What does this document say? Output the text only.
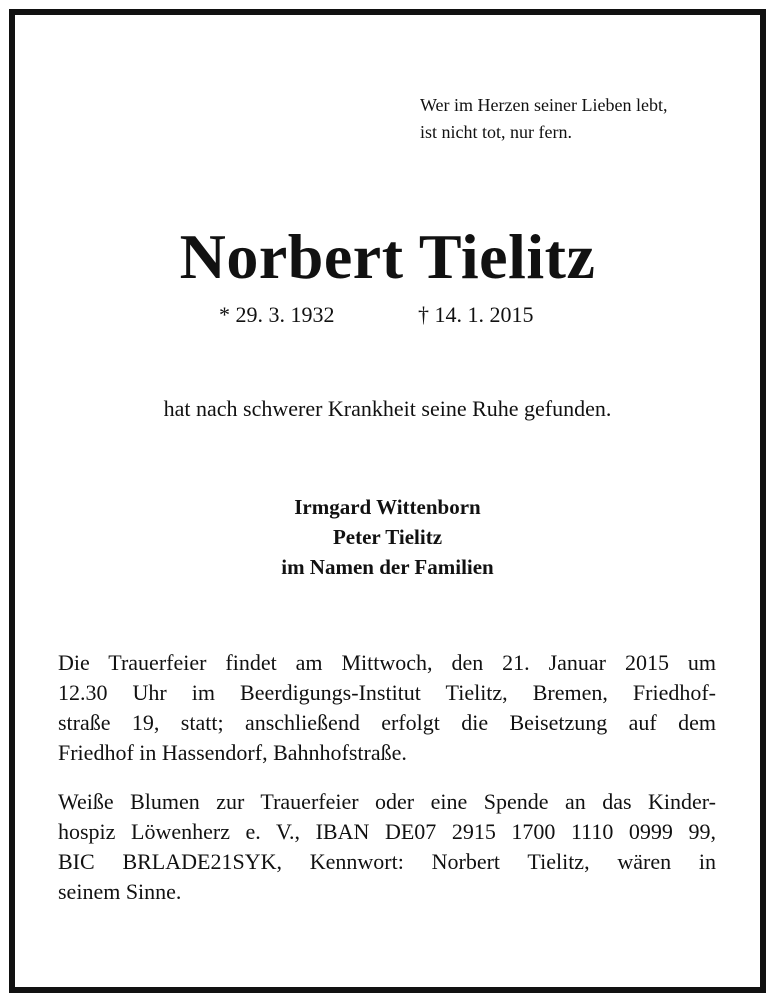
Wer im Herzen seiner Lieben lebt,
ist nicht tot, nur fern.
Norbert Tielitz
* 29. 3. 1932	† 14. 1. 2015
hat nach schwerer Krankheit seine Ruhe gefunden.
Irmgard Wittenborn
Peter Tielitz
im Namen der Familien
Die Trauerfeier findet am Mittwoch, den 21. Januar 2015 um
12.30 Uhr im Beerdigungs-Institut Tielitz, Bremen, Friedhof-
straße 19, statt; anschließend erfolgt die Beisetzung auf dem
Friedhof in Hassendorf, Bahnhofstraße.
Weiße Blumen zur Trauerfeier oder eine Spende an das Kinder-
hospiz Löwenherz e. V., IBAN DE07 2915 1700 1110 0999 99,
BIC BRLADE21SYK, Kennwort: Norbert Tielitz, wären in
seinem Sinne.
